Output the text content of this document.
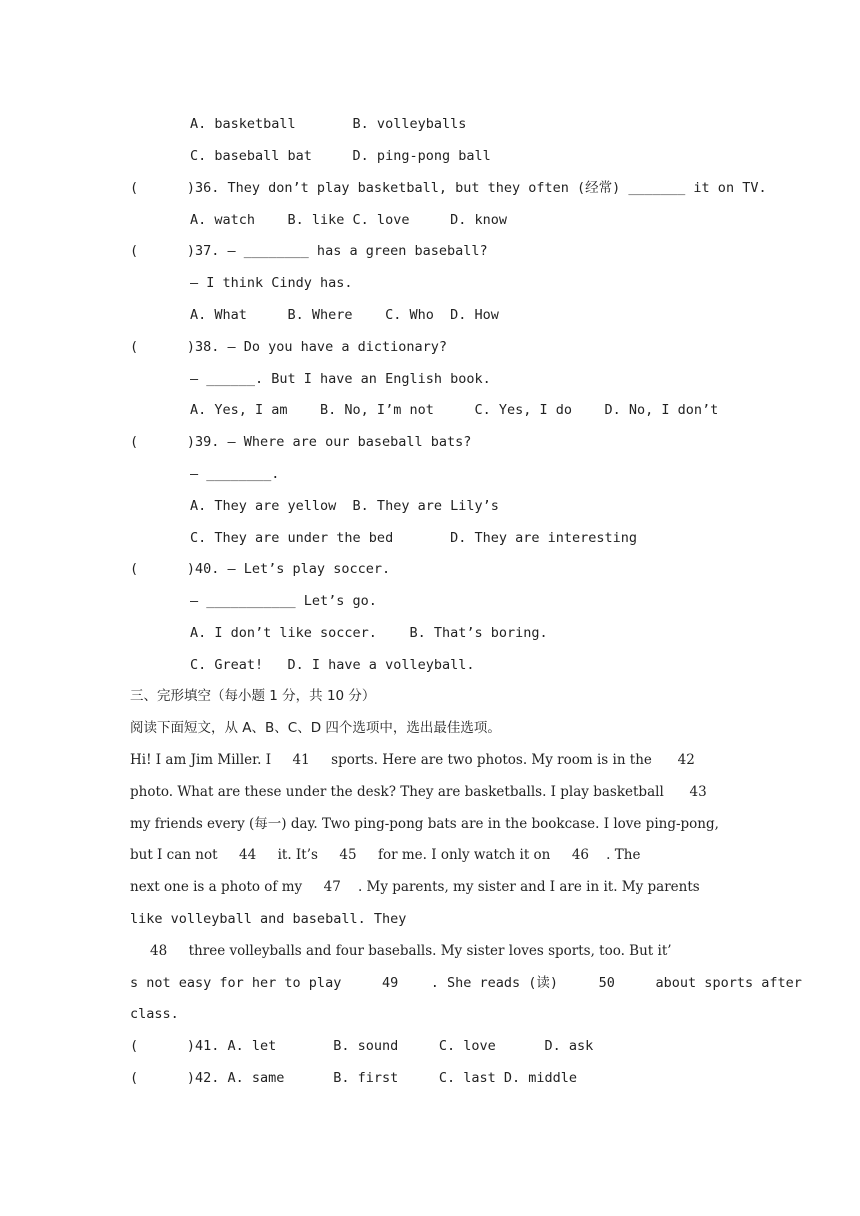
A. basketball       B. volleyballs
C. baseball bat     D. ping-pong ball
(      )36. They don’t play basketball, but they often (经常) _______ it on TV.
A. watch    B. like C. love     D. know
(      )37. — ________ has a green baseball?
— I think Cindy has.
A. What     B. Where    C. Who  D. How
(      )38. — Do you have a dictionary?
— ______. But I have an English book.
A. Yes, I am    B. No, I’m not     C. Yes, I do    D. No, I don’t
(      )39. — Where are our baseball bats?
— ________.
A. They are yellow  B. They are Lily’s
C. They are under the bed       D. They are interesting
(      )40. — Let’s play soccer.
— ___________ Let’s go.
A. I don’t like soccer.    B. That’s boring.
C. Great!   D. I have a volleyball.
三、完形填空（每小题 1 分，共 10 分）
阅读下面短文，从 A、B、C、D 四个选项中，选出最佳选项。
Hi! I am Jim Miller. I     41     sports. Here are two photos. My room is in the      42
photo. What are these under the desk? They are basketballs. I play basketball      43
my friends every (每一) day. Two ping-pong bats are in the bookcase. I love ping-pong,
but I can not     44     it. It’s     45     for me. I only watch it on     46    . The
next one is a photo of my     47    . My parents, my sister and I are in it. My parents
like volleyball and baseball. They
48     three volleyballs and four baseballs. My sister loves sports, too. But it’
s not easy for her to play     49    . She reads (读)     50     about sports after
class.
(      )41. A. let       B. sound     C. love      D. ask
(      )42. A. same      B. first     C. last D. middle
